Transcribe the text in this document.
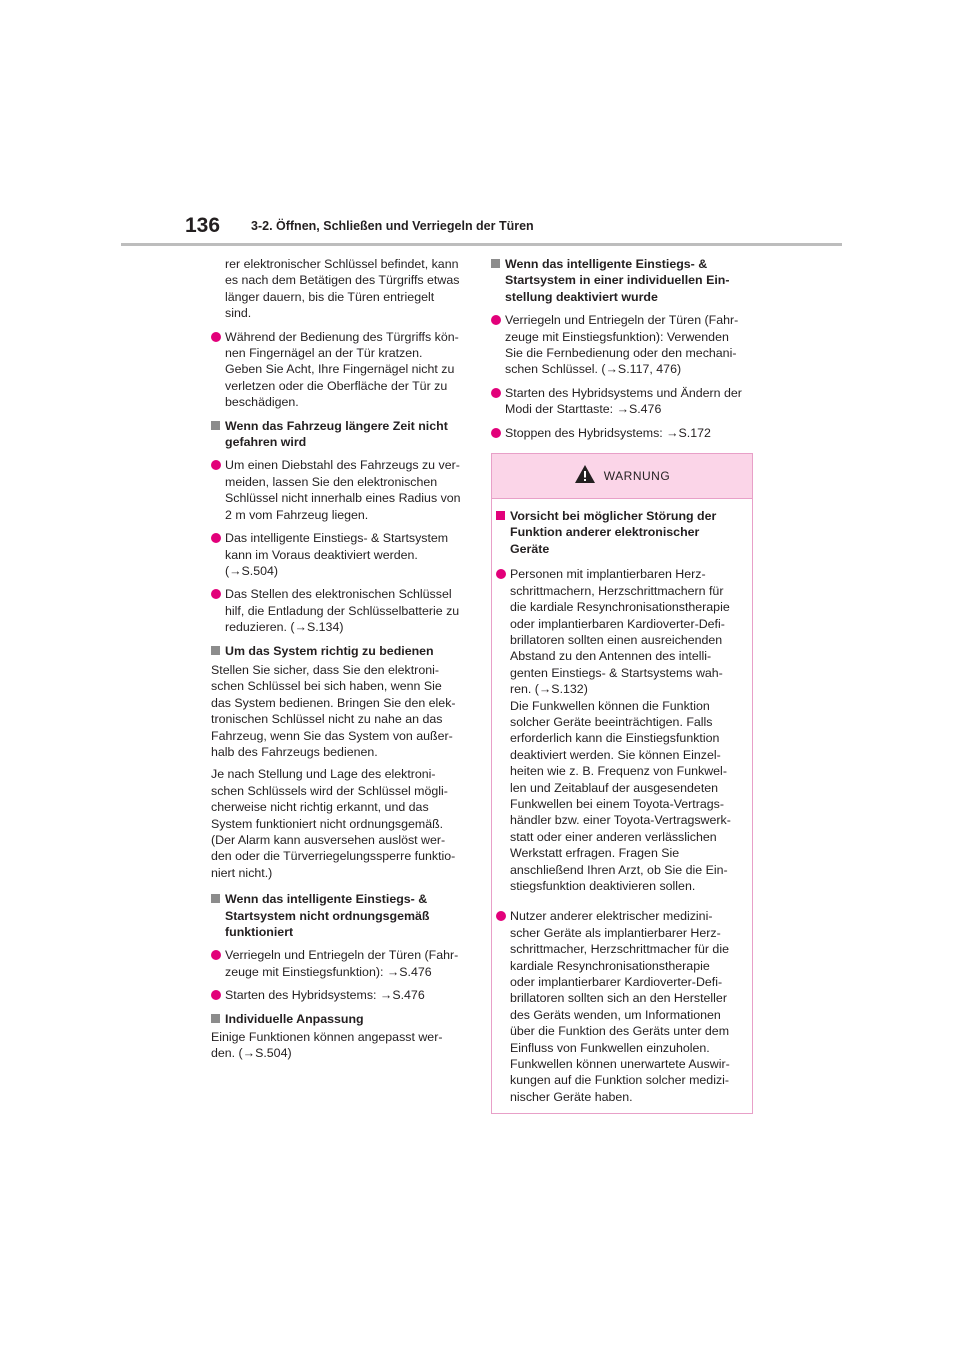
136 3-2. Öffnen, Schließen und Verriegeln der Türen
rer elektronischer Schlüssel befindet, kann
es nach dem Betätigen des Türgriffs etwas
länger dauern, bis die Türen entriegelt
sind.
Während der Bedienung des Türgriffs kön-
nen Fingernägel an der Tür kratzen.
Geben Sie Acht, Ihre Fingernägel nicht zu
verletzen oder die Oberfläche der Tür zu
beschädigen.
Wenn das Fahrzeug längere Zeit nicht
gefahren wird
Um einen Diebstahl des Fahrzeugs zu ver-
meiden, lassen Sie den elektronischen
Schlüssel nicht innerhalb eines Radius von
2 m vom Fahrzeug liegen.
Das intelligente Einstiegs- & Startsystem
kann im Voraus deaktiviert werden.
(→S.504)
Das Stellen des elektronischen Schlüssel
hilf, die Entladung der Schlüsselbatterie zu
reduzieren. (→S.134)
Um das System richtig zu bedienen
Stellen Sie sicher, dass Sie den elektroni-
schen Schlüssel bei sich haben, wenn Sie
das System bedienen. Bringen Sie den elek-
tronischen Schlüssel nicht zu nahe an das
Fahrzeug, wenn Sie das System von außer-
halb des Fahrzeugs bedienen.
Je nach Stellung und Lage des elektroni-
schen Schlüssels wird der Schlüssel mögli-
cherweise nicht richtig erkannt, und das
System funktioniert nicht ordnungsgemäß.
(Der Alarm kann ausversehen auslöst wer-
den oder die Türverriegelungssperre funktio-
niert nicht.)
Wenn das intelligente Einstiegs- &
Startsystem nicht ordnungsgemäß
funktioniert
Verriegeln und Entriegeln der Türen (Fahr-
zeuge mit Einstiegsfunktion): →S.476
Starten des Hybridsystems: →S.476
Individuelle Anpassung
Einige Funktionen können angepasst wer-
den. (→S.504)
Wenn das intelligente Einstiegs- &
Startsystem in einer individuellen Ein-
stellung deaktiviert wurde
Verriegeln und Entriegeln der Türen (Fahr-
zeuge mit Einstiegsfunktion): Verwenden
Sie die Fernbedienung oder den mechani-
schen Schlüssel. (→S.117, 476)
Starten des Hybridsystems und Ändern der
Modi der Starttaste: →S.476
Stoppen des Hybridsystems: →S.172
WARNUNG
Vorsicht bei möglicher Störung der
Funktion anderer elektronischer
Geräte
Personen mit implantierbaren Herz-
schrittmachern, Herzschrittmachern für
die kardiale Resynchronisationstherapie
oder implantierbaren Kardioverter-Defi-
brillatoren sollten einen ausreichenden
Abstand zu den Antennen des intelli-
genten Einstiegs- & Startsystems wah-
ren. (→S.132)
Die Funkwellen können die Funktion
solcher Geräte beeinträchtigen. Falls
erforderlich kann die Einstiegsfunktion
deaktiviert werden. Sie können Einzel-
heiten wie z. B. Frequenz von Funkwel-
len und Zeitablauf der ausgesendeten
Funkwellen bei einem Toyota-Vertrags-
händler bzw. einer Toyota-Vertragswerk-
statt oder einer anderen verlässlichen
Werkstatt erfragen. Fragen Sie
anschließend Ihren Arzt, ob Sie die Ein-
stiegsfunktion deaktivieren sollen.
Nutzer anderer elektrischer medizini-
scher Geräte als implantierbarer Herz-
schrittmacher, Herzschrittmacher für die
kardiale Resynchronisationstherapie
oder implantierbarer Kardioverter-Defi-
brillatoren sollten sich an den Hersteller
des Geräts wenden, um Informationen
über die Funktion des Geräts unter dem
Einfluss von Funkwellen einzuholen.
Funkwellen können unerwartete Auswir-
kungen auf die Funktion solcher medizi-
nischer Geräte haben.
